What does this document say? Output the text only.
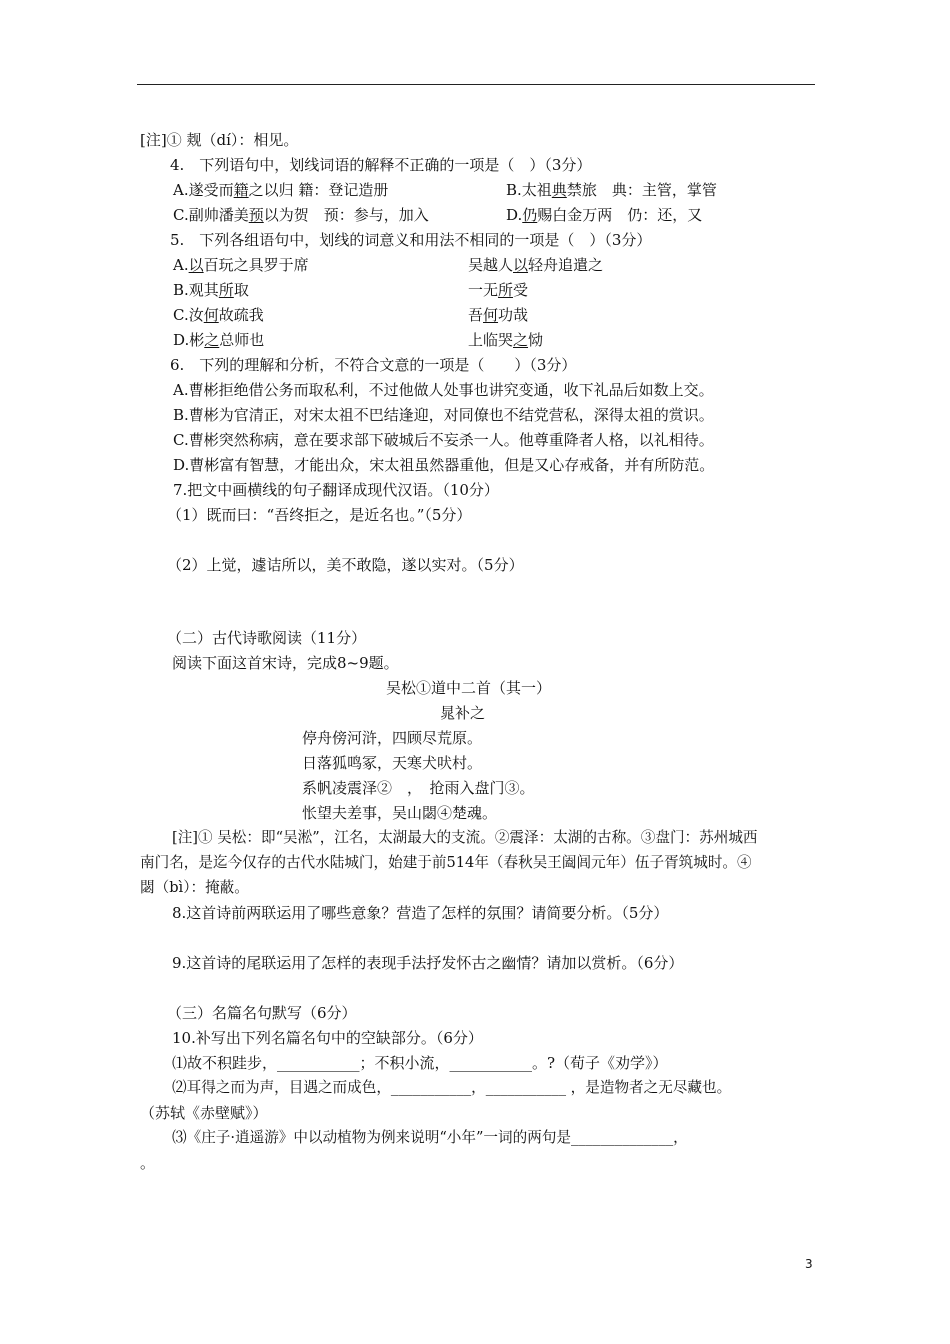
[注]① 觌（dí）：相见。
4.　下列语句中，划线词语的解释不正确的一项是（　）（3分）
A.遂受而籍之以归 籍：登记造册	B.太祖典禁旅　典：主管，掌管
C.副帅潘美预以为贺　预：参与，加入	D.仍赐白金万两　仍：还，又
5.　下列各组语句中，划线的词意义和用法不相同的一项是（　）（3分）
A.以百玩之具罗于席	吴越人以轻舟追遣之
B.观其所取	一无所受
C.汝何故疏我	吾何功哉
D.彬之总师也	上临哭之恸
6.　下列的理解和分析，不符合文意的一项是（　　）（3分）
A.曹彬拒绝借公务而取私利，不过他做人处事也讲究变通，收下礼品后如数上交。
B.曹彬为官清正，对宋太祖不巴结逢迎，对同僚也不结党营私，深得太祖的赏识。
C.曹彬突然称病，意在要求部下破城后不妄杀一人。他尊重降者人格，以礼相待。
D.曹彬富有智慧，才能出众，宋太祖虽然器重他，但是又心存戒备，并有所防范。
7.把文中画横线的句子翻译成现代汉语。（10分）
（1）既而曰：“吾终拒之，是近名也。”（5分）
（2）上觉，遽诘所以，美不敢隐，遂以实对。（5分）
（二）古代诗歌阅读（11分）
阅读下面这首宋诗，完成8~9题。
吴松①道中二首（其一）
晁补之
停舟傍河浒，四顾尽荒原。
日落狐鸣冢，天寒犬吠村。
系帆凌震泽②　，　抢雨入盘门③。
怅望夫差事，吴山閟④楚魂。
[注]① 吴松：即“吴淞”，江名，太湖最大的支流。②震泽：太湖的古称。③盘门：苏州城西
南门名，是迄今仅存的古代水陆城门，始建于前514年（春秋吴王阖闾元年）伍子胥筑城时。④
閟（bì）：掩蔽。
8.这首诗前两联运用了哪些意象？营造了怎样的氛围？请简要分析。（5分）
9.这首诗的尾联运用了怎样的表现手法抒发怀古之幽情？请加以赏析。（6分）
（三）名篇名句默写（6分）
10.补写出下列名篇名句中的空缺部分。（6分）
⑴故不积跬步，___________；不积小流，___________。?（荀子《劝学》）
⑵耳得之而为声，目遇之而成色，___________，___________ ，是造物者之无尽藏也。
（苏轼《赤壁赋》）
⑶《庄子·逍遥游》中以动植物为例来说明“小年”一词的两句是______________，
。
3
